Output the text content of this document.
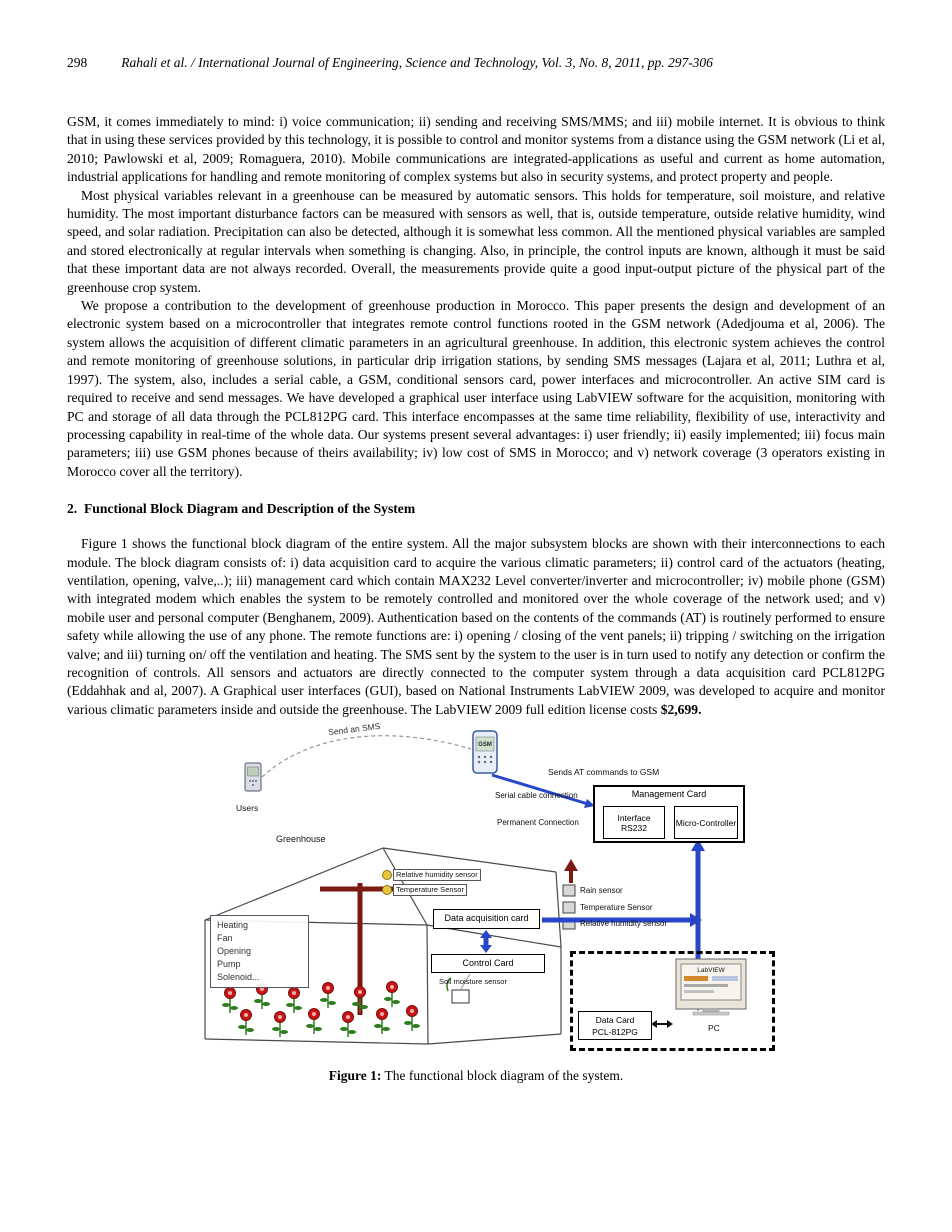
298	Rahali et al. / International Journal of Engineering, Science and Technology, Vol. 3, No. 8, 2011, pp. 297-306

GSM, it comes immediately to mind: i) voice communication; ii) sending and receiving SMS/MMS; and iii) mobile internet. It is obvious to think that in using these services provided by this technology, it is possible to control and monitor systems from a distance using the GSM network (Li et al, 2010; Pawlowski et al, 2009; Romaguera, 2010). Mobile communications are integrated-applications as useful and current as home automation, industrial applications for handling and remote monitoring of complex systems but also in security systems, and protect property and people.

Most physical variables relevant in a greenhouse can be measured by automatic sensors. This holds for temperature, soil moisture, and relative humidity. The most important disturbance factors can be measured with sensors as well, that is, outside temperature, outside relative humidity, wind speed, and solar radiation. Precipitation can also be detected, although it is somewhat less common. All the mentioned physical variables are sampled and stored electronically at regular intervals when something is changing. Also, in principle, the control inputs are known, although it must be said that these important data are not always recorded. Overall, the measurements provide quite a good input-output picture of the physical part of the greenhouse crop system.

We propose a contribution to the development of greenhouse production in Morocco. This paper presents the design and development of an electronic system based on a microcontroller that integrates remote control functions rooted in the GSM network (Adedjouma et al, 2006). The system allows the acquisition of different climatic parameters in an agricultural greenhouse. In addition, this electronic system achieves the control and remote monitoring of greenhouse solutions, in particular drip irrigation stations, by sending SMS messages (Lajara et al, 2011; Luthra et al, 1997). The system, also, includes a serial cable, a GSM, conditional sensors card, power interfaces and microcontroller. An active SIM card is required to receive and send messages. We have developed a graphical user interface using LabVIEW software for the acquisition, monitoring with PC and storage of all data through the PCL812PG card. This interface encompasses at the same time reliability, flexibility of use, interactivity and processing capability in real-time of the whole data. Our systems present several advantages: i) user friendly; ii) easily implemented; iii) focus main parameters; iii) use GSM phones because of theirs availability; iv) low cost of SMS in Morocco; and v) network coverage (3 operators existing in Morocco cover all the territory).

2.  Functional Block Diagram and Description of the System

Figure 1 shows the functional block diagram of the entire system. All the major subsystem blocks are shown with their interconnections to each module. The block diagram consists of: i) data acquisition card to acquire the various climatic parameters; ii) control card of the actuators (heating, ventilation, opening, valve,..); iii) management card which contain MAX232 Level converter/inverter and microcontroller; iv) mobile phone (GSM) with integrated modem which enables the system to be remotely controlled and monitored over the whole coverage of the network used; and v) mobile user and personal computer (Benghanem, 2009). Authentication based on the contents of the commands (AT) is routinely performed to ensure safety while allowing the use of any phone. The remote functions are: i) opening / closing of the vent panels; ii) tripping / switching on the irrigation valve; and iii) turning on/ off the ventilation and heating. The SMS sent by the system to the user is in turn used to notify any detection or confirm the recognition of controls. All sensors and actuators are directly connected to the computer system through a data acquisition card PCL812PG (Eddahhak and al, 2007). A Graphical user interfaces (GUI), based on National Instruments LabVIEW 2009, was developed to acquire and monitor various climatic parameters inside and outside the greenhouse. The LabVIEW 2009 full edition license costs $2,699.

GSM
LabVIEW
Send an SMS
Users
Sends AT commands to GSM
Serial cable connection
Permanent Connection
Greenhouse
Relative humidity sensor
Temperature Sensor
Soil moisture sensor
Rain sensor
Temperature Sensor
Relative humidity sensor
PC
Management Card
Interface RS232	Micro-Controller
Data acquisition card
Control Card
Heating
Fan
Opening
Pump
Solenoid...
Data Card
PCL-812PG
Figure 1: The functional block diagram of the system.
